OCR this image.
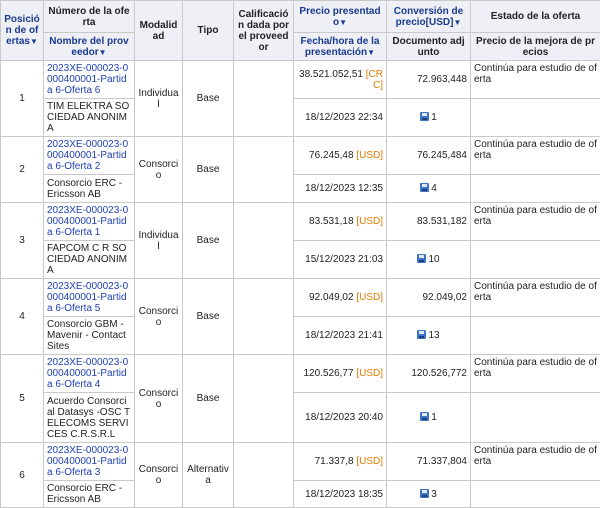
Posición de ofertas▼	Número de la oferta	Modalidad	Tipo	Calificación dada por el proveedor	Precio presentado▼	Conversión de precio[USD]▼	Estado de la oferta
	Nombre del proveedor▼				Fecha/hora de la presentación▼	Documento adjunto	Precio de la mejora de precios
1	2023XE-000023-0000400001-Partida 6-Oferta 6	Individual	Base		38.521.052,51 [CRC]	72.963,448	Continúa para estudio de oferta
	TIM ELEKTRA SOCIEDAD ANONIMA				18/12/2023 22:34	1	
2	2023XE-000023-0000400001-Partida 6-Oferta 2	Consorcio	Base		76.245,48 [USD]	76.245,484	Continúa para estudio de oferta
	Consorcio ERC - Ericsson AB				18/12/2023 12:35	4	
3	2023XE-000023-0000400001-Partida 6-Oferta 1	Individual	Base		83.531,18 [USD]	83.531,182	Continúa para estudio de oferta
	FAPCOM C R SOCIEDAD ANONIMA				15/12/2023 21:03	10	
4	2023XE-000023-0000400001-Partida 6-Oferta 5	Consorcio	Base		92.049,02 [USD]	92.049,02	Continúa para estudio de oferta
	Consorcio GBM - Mavenir - Contact Sites				18/12/2023 21:41	13	
5	2023XE-000023-0000400001-Partida 6-Oferta 4	Consorcio	Base		120.526,77 [USD]	120.526,772	Continúa para estudio de oferta
	Acuerdo Consorcial Datasys -OSC TELECOMS SERVICES C.R.S.R.L				18/12/2023 20:40	1	
6	2023XE-000023-0000400001-Partida 6-Oferta 3	Consorcio	Alternativa		71.337,8 [USD]	71.337,804	Continúa para estudio de oferta
	Consorcio ERC - Ericsson AB				18/12/2023 18:35	3	
